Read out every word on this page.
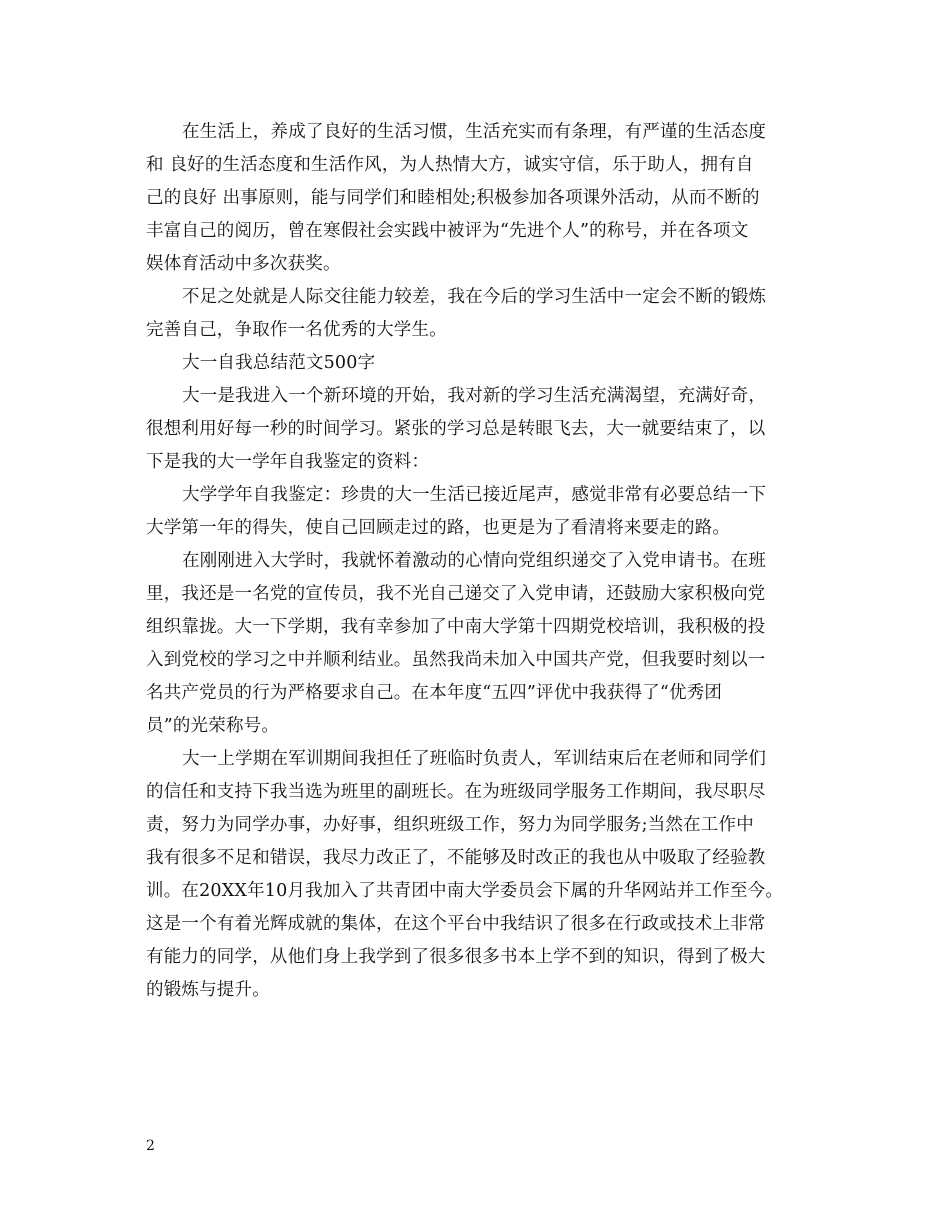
在生活上，养成了良好的生活习惯，生活充实而有条理，有严谨的生活态度
和 良好的生活态度和生活作风，为人热情大方，诚实守信，乐于助人，拥有自
己的良好 出事原则，能与同学们和睦相处;积极参加各项课外活动，从而不断的
丰富自己的阅历，曾在寒假社会实践中被评为“先进个人”的称号，并在各项文
娱体育活动中多次获奖。
不足之处就是人际交往能力较差，我在今后的学习生活中一定会不断的锻炼
完善自己，争取作一名优秀的大学生。
大一自我总结范文500字
大一是我进入一个新环境的开始，我对新的学习生活充满渴望，充满好奇，
很想利用好每一秒的时间学习。紧张的学习总是转眼飞去，大一就要结束了，以
下是我的大一学年自我鉴定的资料：
大学学年自我鉴定：珍贵的大一生活已接近尾声，感觉非常有必要总结一下
大学第一年的得失，使自己回顾走过的路，也更是为了看清将来要走的路。
在刚刚进入大学时，我就怀着激动的心情向党组织递交了入党申请书。在班
里，我还是一名党的宣传员，我不光自己递交了入党申请，还鼓励大家积极向党
组织靠拢。大一下学期，我有幸参加了中南大学第十四期党校培训，我积极的投
入到党校的学习之中并顺利结业。虽然我尚未加入中国共产党，但我要时刻以一
名共产党员的行为严格要求自己。在本年度“五四”评优中我获得了“优秀团
员”的光荣称号。
大一上学期在军训期间我担任了班临时负责人，军训结束后在老师和同学们
的信任和支持下我当选为班里的副班长。在为班级同学服务工作期间，我尽职尽
责，努力为同学办事，办好事，组织班级工作，努力为同学服务;当然在工作中
我有很多不足和错误，我尽力改正了，不能够及时改正的我也从中吸取了经验教
训。在20XX年10月我加入了共青团中南大学委员会下属的升华网站并工作至今。
这是一个有着光辉成就的集体，在这个平台中我结识了很多在行政或技术上非常
有能力的同学，从他们身上我学到了很多很多书本上学不到的知识，得到了极大
的锻炼与提升。
2
